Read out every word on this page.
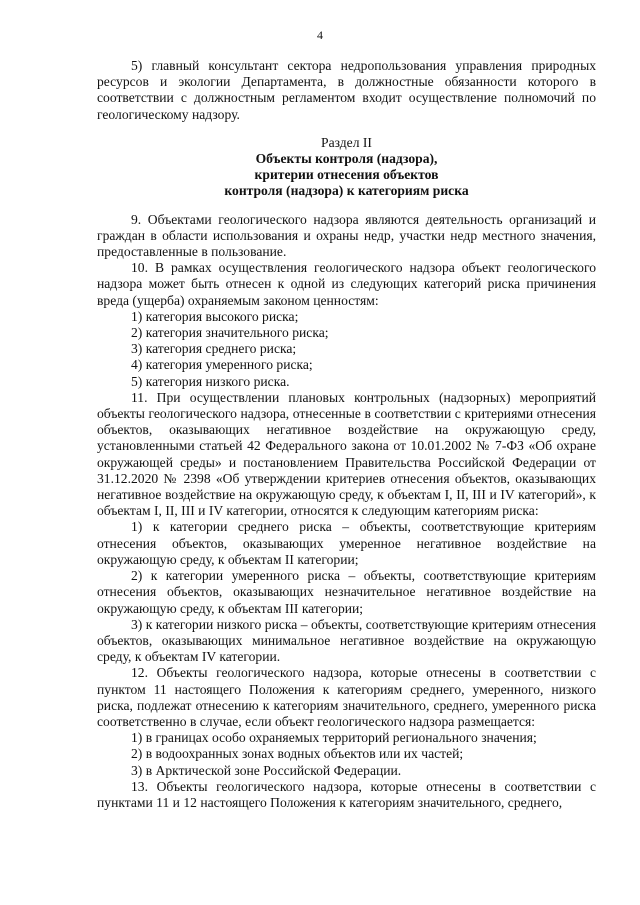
4

5) главный консультант сектора недропользования управления природных ресурсов и экологии Департамента, в должностные обязанности которого в соответствии с должностным регламентом входит осуществление полномочий по геологическому надзору.

Раздел II

Объекты контроля (надзора),

критерии отнесения объектов

контроля (надзора) к категориям риска

9. Объектами геологического надзора являются деятельность организаций и граждан в области использования и охраны недр, участки недр местного значения, предоставленные в пользование.

10. В рамках осуществления геологического надзора объект геологического надзора может быть отнесен к одной из следующих категорий риска причинения вреда (ущерба) охраняемым законом ценностям:

1) категория высокого риска;

2) категория значительного риска;

3) категория среднего риска;

4) категория умеренного риска;

5) категория низкого риска.

11. При осуществлении плановых контрольных (надзорных) мероприятий объекты геологического надзора, отнесенные в соответствии с критериями отнесения объектов, оказывающих негативное воздействие на окружающую среду, установленными статьей 42 Федерального закона от 10.01.2002 № 7-ФЗ «Об охране окружающей среды» и постановлением Правительства Российской Федерации от 31.12.2020 № 2398 «Об утверждении критериев отнесения объектов, оказывающих негативное воздействие на окружающую среду, к объектам I, II, III и IV категорий», к объектам I, II, III и IV категории, относятся к следующим категориям риска:

1) к категории среднего риска – объекты, соответствующие критериям отнесения объектов, оказывающих умеренное негативное воздействие на окружающую среду, к объектам II категории;

2) к категории умеренного риска – объекты, соответствующие критериям отнесения объектов, оказывающих незначительное негативное воздействие на окружающую среду, к объектам III категории;

3) к категории низкого риска – объекты, соответствующие критериям отнесения объектов, оказывающих минимальное негативное воздействие на окружающую среду, к объектам IV категории.

12. Объекты геологического надзора, которые отнесены в соответствии с пунктом 11 настоящего Положения к категориям среднего, умеренного, низкого риска, подлежат отнесению к категориям значительного, среднего, умеренного риска соответственно в случае, если объект геологического надзора размещается:

1) в границах особо охраняемых территорий регионального значения;

2) в водоохранных зонах водных объектов или их частей;

3) в Арктической зоне Российской Федерации.

13. Объекты геологического надзора, которые отнесены в соответствии с пунктами 11 и 12 настоящего Положения к категориям значительного, среднего,
